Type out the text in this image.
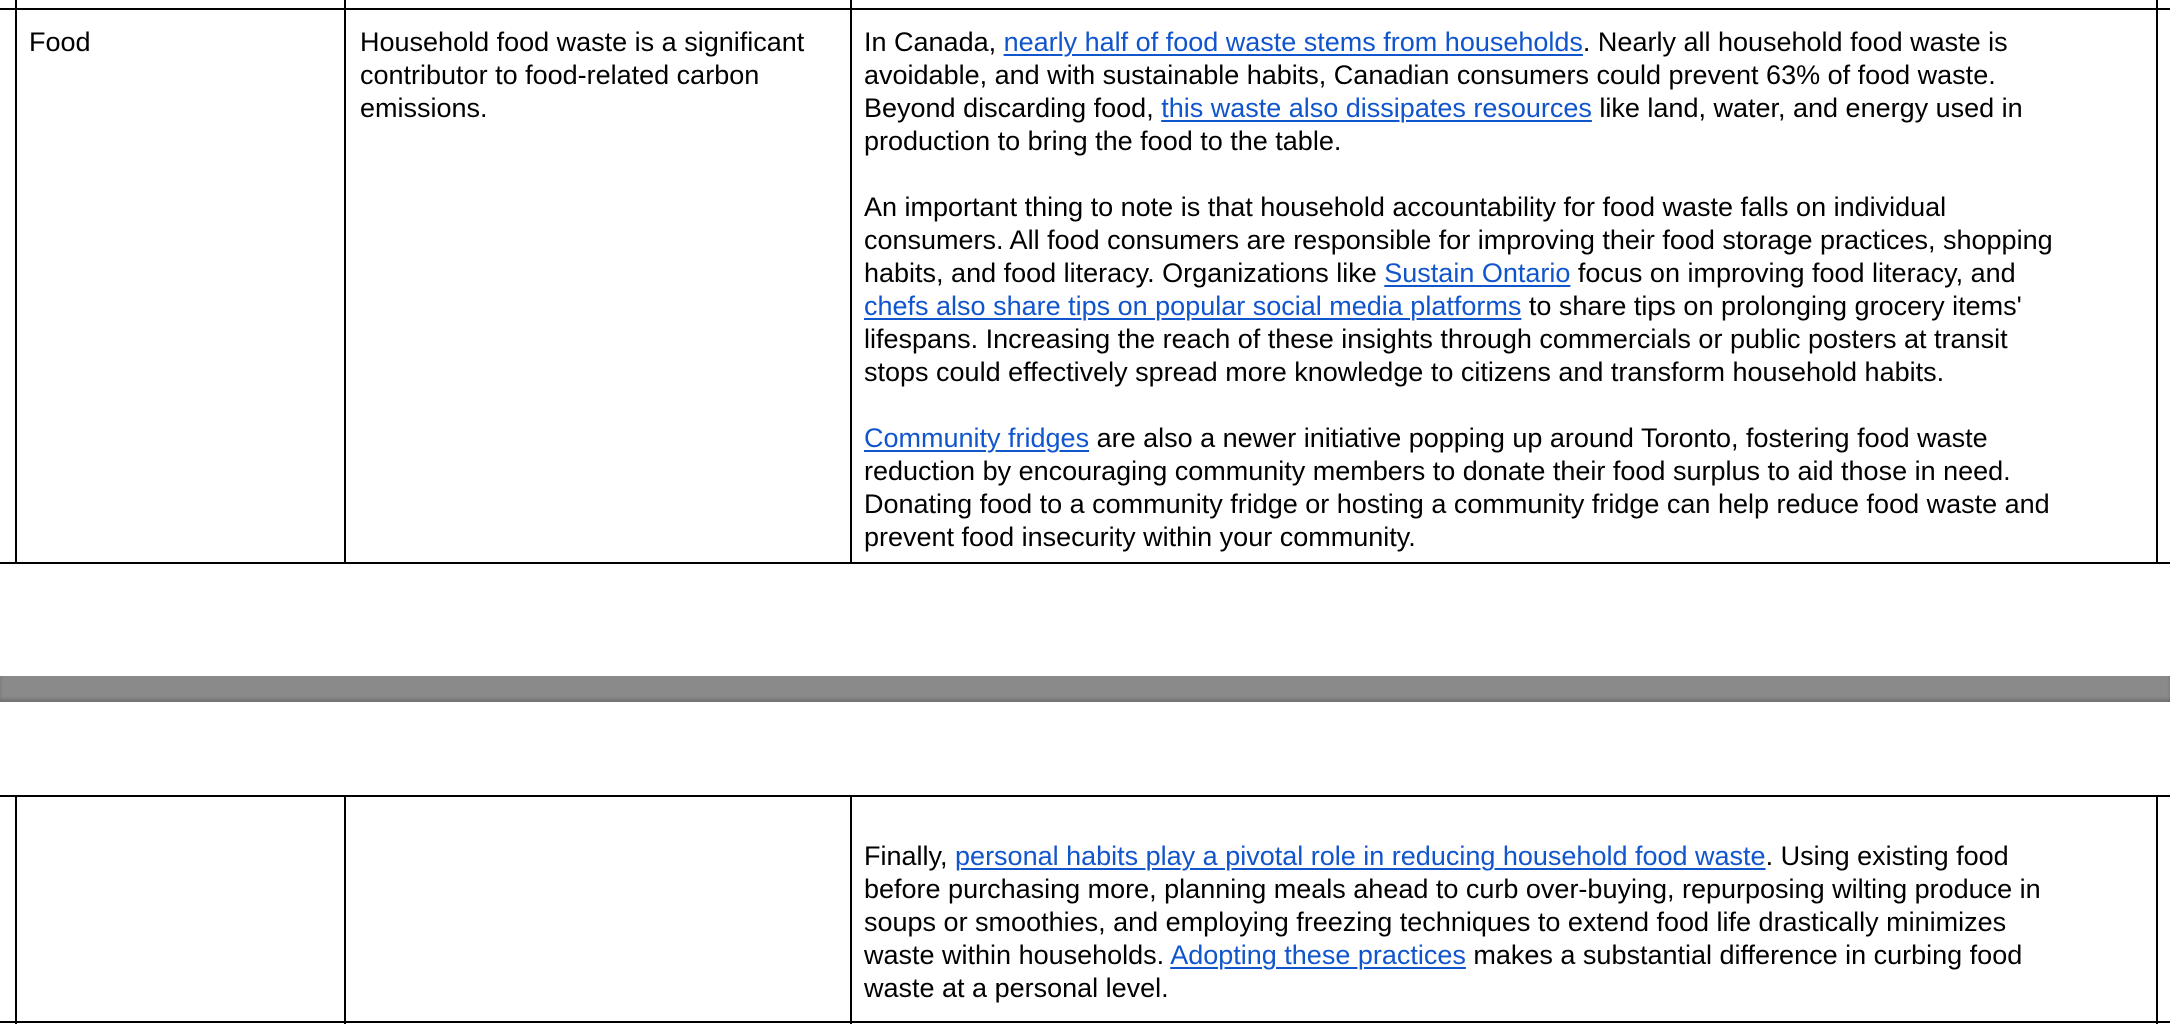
Food	Household food waste is a significant
contributor to food-related carbon
emissions.
In Canada, nearly half of food waste stems from households. Nearly all household food waste is
avoidable, and with sustainable habits, Canadian consumers could prevent 63% of food waste.
Beyond discarding food, this waste also dissipates resources like land, water, and energy used in
production to bring the food to the table.
An important thing to note is that household accountability for food waste falls on individual
consumers. All food consumers are responsible for improving their food storage practices, shopping
habits, and food literacy. Organizations like Sustain Ontario focus on improving food literacy, and
chefs also share tips on popular social media platforms to share tips on prolonging grocery items'
lifespans. Increasing the reach of these insights through commercials or public posters at transit
stops could effectively spread more knowledge to citizens and transform household habits.
Community fridges are also a newer initiative popping up around Toronto, fostering food waste
reduction by encouraging community members to donate their food surplus to aid those in need.
Donating food to a community fridge or hosting a community fridge can help reduce food waste and
prevent food insecurity within your community.
Finally, personal habits play a pivotal role in reducing household food waste. Using existing food
before purchasing more, planning meals ahead to curb over-buying, repurposing wilting produce in
soups or smoothies, and employing freezing techniques to extend food life drastically minimizes
waste within households. Adopting these practices makes a substantial difference in curbing food
waste at a personal level.
